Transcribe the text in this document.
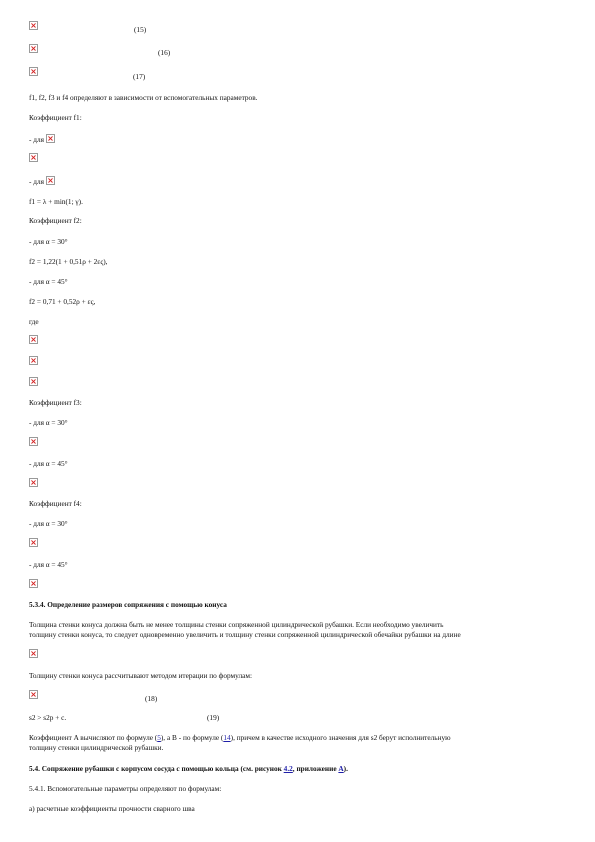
×
(15)
×
(16)
×
(17)
f1, f2, f3 и f4 определяют в зависимости от вспомогательных параметров.
Коэффициент f1:
- для
×
×
- для
×
f1 = λ + min(1; γ).
Коэффициент f2:
- для α = 30°
f2 = 1,22(1 + 0,51ρ + 2ες),
- для α = 45°
f2 = 0,71 + 0,52ρ + ες,
где
×
×
×
Коэффициент f3:
- для α = 30°
×
- для α = 45°
×
Коэффициент f4:
- для α = 30°
×
- для α = 45°
×
5.3.4. Определение размеров сопряжения с помощью конуса
Толщина стенки конуса должна быть не менее толщины стенки сопряженной цилиндрической рубашки. Если необходимо увеличить
толщину стенки конуса, то следует одновременно увеличить и толщину стенки сопряженной цилиндрической обечайки рубашки на длине
×
Толщину стенки конуса рассчитывают методом итерации по формулам:
×
(18)
s2 > s2p + c.	(19)
Коэффициент A вычисляют по формуле (5), а B - по формуле (14), причем в качестве исходного значения для s2 берут исполнительную
толщину стенки цилиндрической рубашки.
5.4. Сопряжение рубашки с корпусом сосуда с помощью кольца (см. рисунок 4.2, приложение А).
5.4.1. Вспомогательные параметры определяют по формулам:
а) расчетные коэффициенты прочности сварного шва
